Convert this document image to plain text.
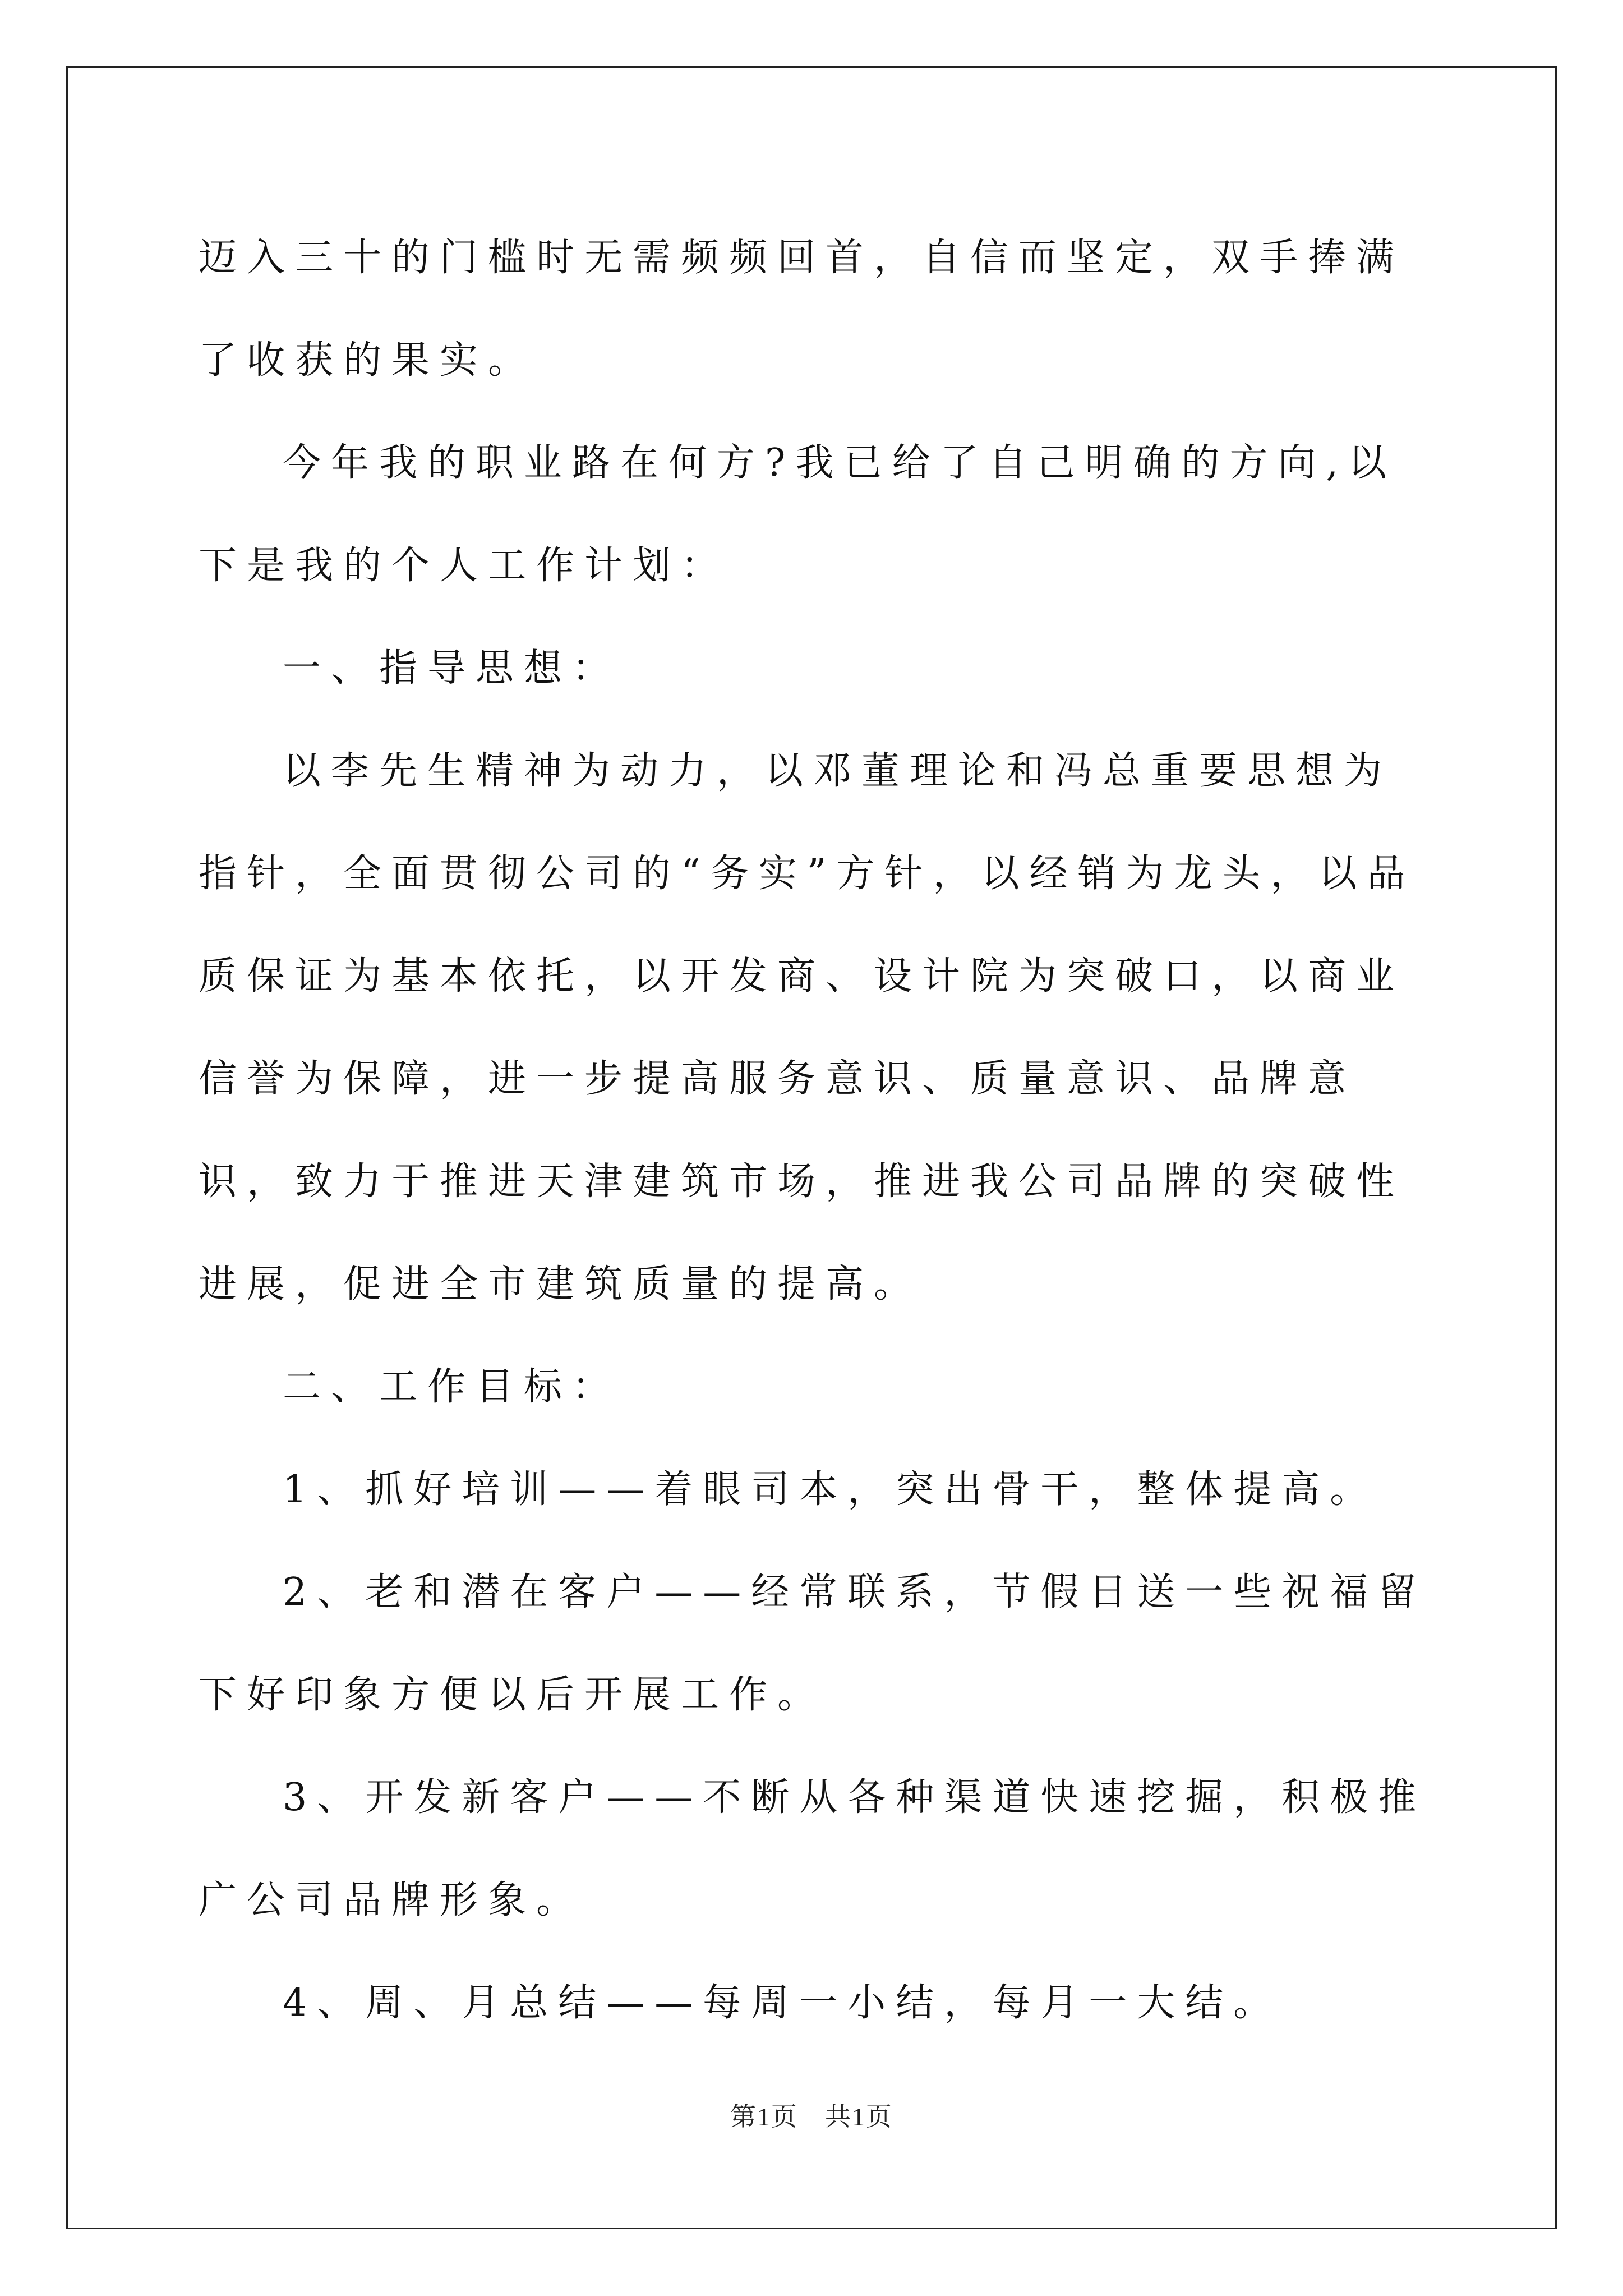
迈入三十的门槛时无需频频回首，自信而坚定，双手捧满了收获的果实。

今年我的职业路在何方?我已给了自己明确的方向,以下是我的个人工作计划：

一、指导思想：

以李先生精神为动力，以邓董理论和冯总重要思想为指针，全面贯彻公司的“务实”方针，以经销为龙头，以品质保证为基本依托，以开发商、设计院为突破口，以商业信誉为保障，进一步提高服务意识、质量意识、品牌意识，致力于推进天津建筑市场，推进我公司品牌的突破性进展，促进全市建筑质量的提高。

二、工作目标：

1、抓好培训——着眼司本，突出骨干，整体提高。

2、老和潜在客户——经常联系，节假日送一些祝福留下好印象方便以后开展工作。

3、开发新客户——不断从各种渠道快速挖掘，积极推广公司品牌形象。

4、周、月总结——每周一小结，每月一大结。

第1页　共1页
